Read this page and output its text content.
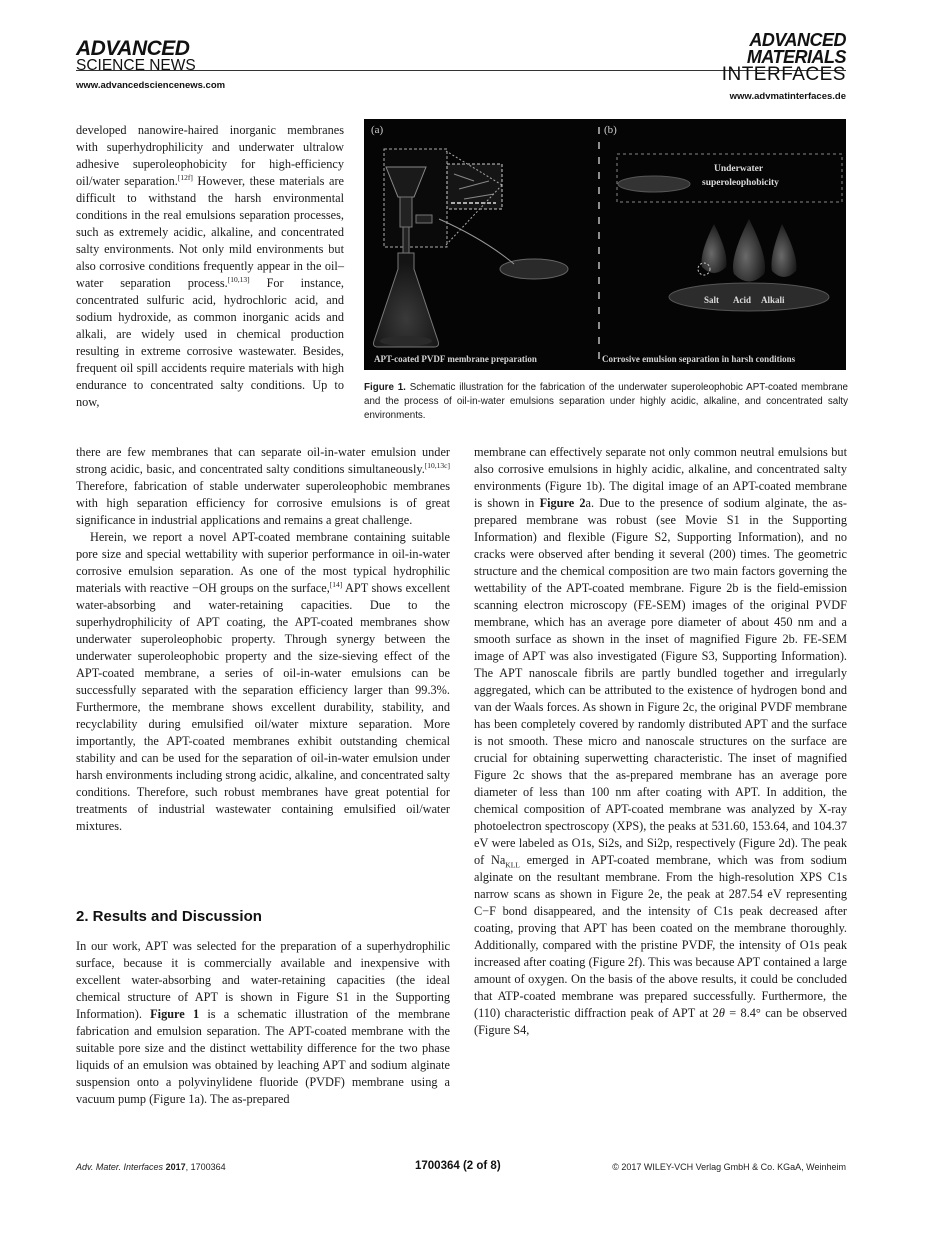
ADVANCED
SCIENCE NEWS
www.advancedsciencenews.com
ADVANCED
MATERIALS
INTERFACES
www.advmatinterfaces.de
developed nanowire-haired inorganic membranes with superhydrophilicity and underwater ultralow adhesive superoleophobicity for high-efficiency oil/water separation.[12f] However, these materials are difficult to withstand the harsh environmental conditions in the real emulsions separation processes, such as extremely acidic, alkaline, and concentrated salty environments. Not only mild environments but also corrosive conditions frequently appear in the oil–water separation process.[10,13] For instance, concentrated sulfuric acid, hydrochloric acid, and sodium hydroxide, as common inorganic acids and alkali, are widely used in chemical production resulting in extreme corrosive wastewater. Besides, frequent oil spill accidents require materials with high endurance to concentrated salty conditions. Up to now,
(a)	(b)
Underwater
superoleophobicity
Salt Acid Alkali
APT-coated PVDF membrane preparation	Corrosive emulsion separation in harsh conditions
Figure 1. Schematic illustration for the fabrication of the underwater superoleophobic APT-coated membrane and the process of oil-in-water emulsions separation under highly acidic, alkaline, and concentrated salty environments.

there are few membranes that can separate oil-in-water emulsion under strong acidic, basic, and concentrated salty conditions simultaneously.[10,13c] Therefore, fabrication of stable underwater superoleophobic membranes with high separation efficiency for corrosive emulsions is of great significance in industrial applications and remains a great challenge.

Herein, we report a novel APT-coated membrane containing suitable pore size and special wettability with superior performance in oil-in-water corrosive emulsion separation. As one of the most typical hydrophilic materials with reactive −OH groups on the surface,[14] APT shows excellent water-absorbing and water-retaining capacities. Due to the superhydrophilicity of APT coating, the APT-coated membranes show underwater superoleophobic property. Through synergy between the underwater superoleophobic property and the size-sieving effect of the APT-coated membrane, a series of oil-in-water emulsions can be successfully separated with the separation efficiency larger than 99.3%. Furthermore, the membrane shows excellent durability, stability, and recyclability during emulsified oil/water mixture separation. More importantly, the APT-coated membranes exhibit outstanding chemical stability and can be used for the separation of oil-in-water emulsion under harsh environments including strong acidic, alkaline, and concentrated salty conditions. Therefore, such robust membranes have great potential for treatments of industrial wastewater containing emulsified oil/water mixtures.

2. Results and Discussion
In our work, APT was selected for the preparation of a superhydrophilic surface, because it is commercially available and inexpensive with excellent water-absorbing and water-retaining capacities (the ideal chemical structure of APT is shown in Figure S1 in the Supporting Information). Figure 1 is a schematic illustration of the membrane fabrication and emulsion separation. The APT-coated membrane with the suitable pore size and the distinct wettability difference for the two phase liquids of an emulsion was obtained by leaching APT and sodium alginate suspension onto a polyvinylidene fluoride (PVDF) membrane using a vacuum pump (Figure 1a). The as-prepared
membrane can effectively separate not only common neutral emulsions but also corrosive emulsions in highly acidic, alkaline, and concentrated salty environments (Figure 1b). The digital image of an APT-coated membrane is shown in Figure 2a. Due to the presence of sodium alginate, the as-prepared membrane was robust (see Movie S1 in the Supporting Information) and flexible (Figure S2, Supporting Information), and no cracks were observed after bending it several (200) times. The geometric structure and the chemical composition are two main factors governing the wettability of the APT-coated membrane. Figure 2b is the field-emission scanning electron microscopy (FE-SEM) images of the original PVDF membrane, which has an average pore diameter of about 450 nm and a smooth surface as shown in the inset of magnified Figure 2b. FE-SEM image of APT was also investigated (Figure S3, Supporting Information). The APT nanoscale fibrils are partly bundled together and irregularly aggregated, which can be attributed to the existence of hydrogen bond and van der Waals forces. As shown in Figure 2c, the original PVDF membrane has been completely covered by randomly distributed APT and the surface is not smooth. These micro and nanoscale structures on the surface are crucial for obtaining superwetting characteristic. The inset of magnified Figure 2c shows that the as-prepared membrane has an average pore diameter of less than 100 nm after coating with APT. In addition, the chemical composition of APT-coated membrane was analyzed by X-ray photoelectron spectroscopy (XPS), the peaks at 531.60, 153.64, and 104.37 eV were labeled as O1s, Si2s, and Si2p, respectively (Figure 2d). The peak of $Na_{KLL}$ emerged in APT-coated membrane, which was from sodium alginate on the resultant membrane. From the high-resolution XPS C1s narrow scans as shown in Figure 2e, the peak at 287.54 eV representing C−F bond disappeared, and the intensity of C1s peak decreased after coating, proving that APT has been coated on the membrane thoroughly. Additionally, compared with the pristine PVDF, the intensity of O1s peak increased after coating (Figure 2f). This was because APT contained a large amount of oxygen. On the basis of the above results, it could be concluded that ATP-coated membrane was prepared successfully. Furthermore, the (110) characteristic diffraction peak of APT at 2θ = 8.4° can be observed (Figure S4,
Adv. Mater. Interfaces 2017, 1700364	1700364 (2 of 8)	© 2017 WILEY-VCH Verlag GmbH & Co. KGaA, Weinheim
